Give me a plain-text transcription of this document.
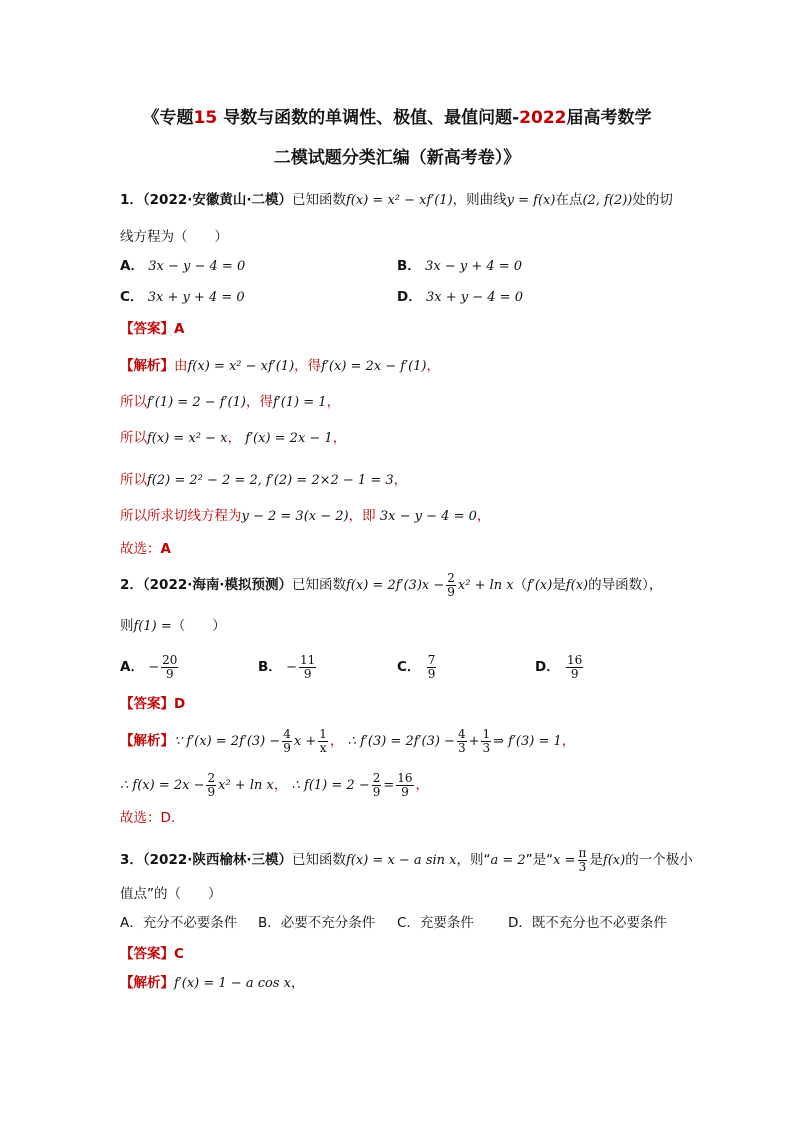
《专题15 导数与函数的单调性、极值、最值问题-2022届高考数学
二模试题分类汇编（新高考卷）》
1．（2022·安徽黄山·二模）已知函数f(x) = x² − xf′(1)，则曲线y = f(x)在点(2, f(2))处的切
线方程为（　　）
A． 3x − y − 4 = 0	B． 3x − y + 4 = 0
C． 3x + y + 4 = 0	D． 3x + y − 4 = 0
【答案】A
【解析】由f(x) = x² − xf′(1)，得f′(x) = 2x − f′(1)，
所以f′(1) = 2 − f′(1)，得f′(1) = 1，
所以f(x) = x² − x， f′(x) = 2x − 1，
所以f(2) = 2² − 2 = 2, f′(2) = 2×2 − 1 = 3，
所以所求切线方程为y − 2 = 3(x − 2)，即 3x − y − 4 = 0，
故选：A
2．（2022·海南·模拟预测）已知函数$f(x) = 2f'(3)x - \frac{2}{9} x^2 + \ln x(f'(x)$是f(x)的导函数），
则f(1) =（　　）
A． − $\frac{20}{9}$	B． − $\frac{11}{9}$	C． $\frac{7}{9}$	D． $\frac{16}{9}$
【答案】D
【解析】∵ $f'(x) = 2f'(3) - \frac{4}{9}$ $x + \frac{1}{x}$ ， ∴ $f'(3) = 2f'(3) - \frac{4}{3} + \frac{1}{3}$ ⇒ f′(3) = 1，
∴ $f(x) = 2x - \frac{2}{9} x^2 + \ln x$， ∴ $f(1) = 2 - \frac{2}{9} = \frac{16}{9}$ ，
故选：D.
3．（2022·陕西榆林·三模）已知函数f(x) = x − a sin x，则“a = 2”是“$x = \frac{\pi}{3}$ 是f(x)的一个极小
值点”的（　　）
A．充分不必要条件 B．必要不充分条件 C．充要条件	D．既不充分也不必要条件
【答案】C
【解析】f′(x) = 1 − a cos x，
